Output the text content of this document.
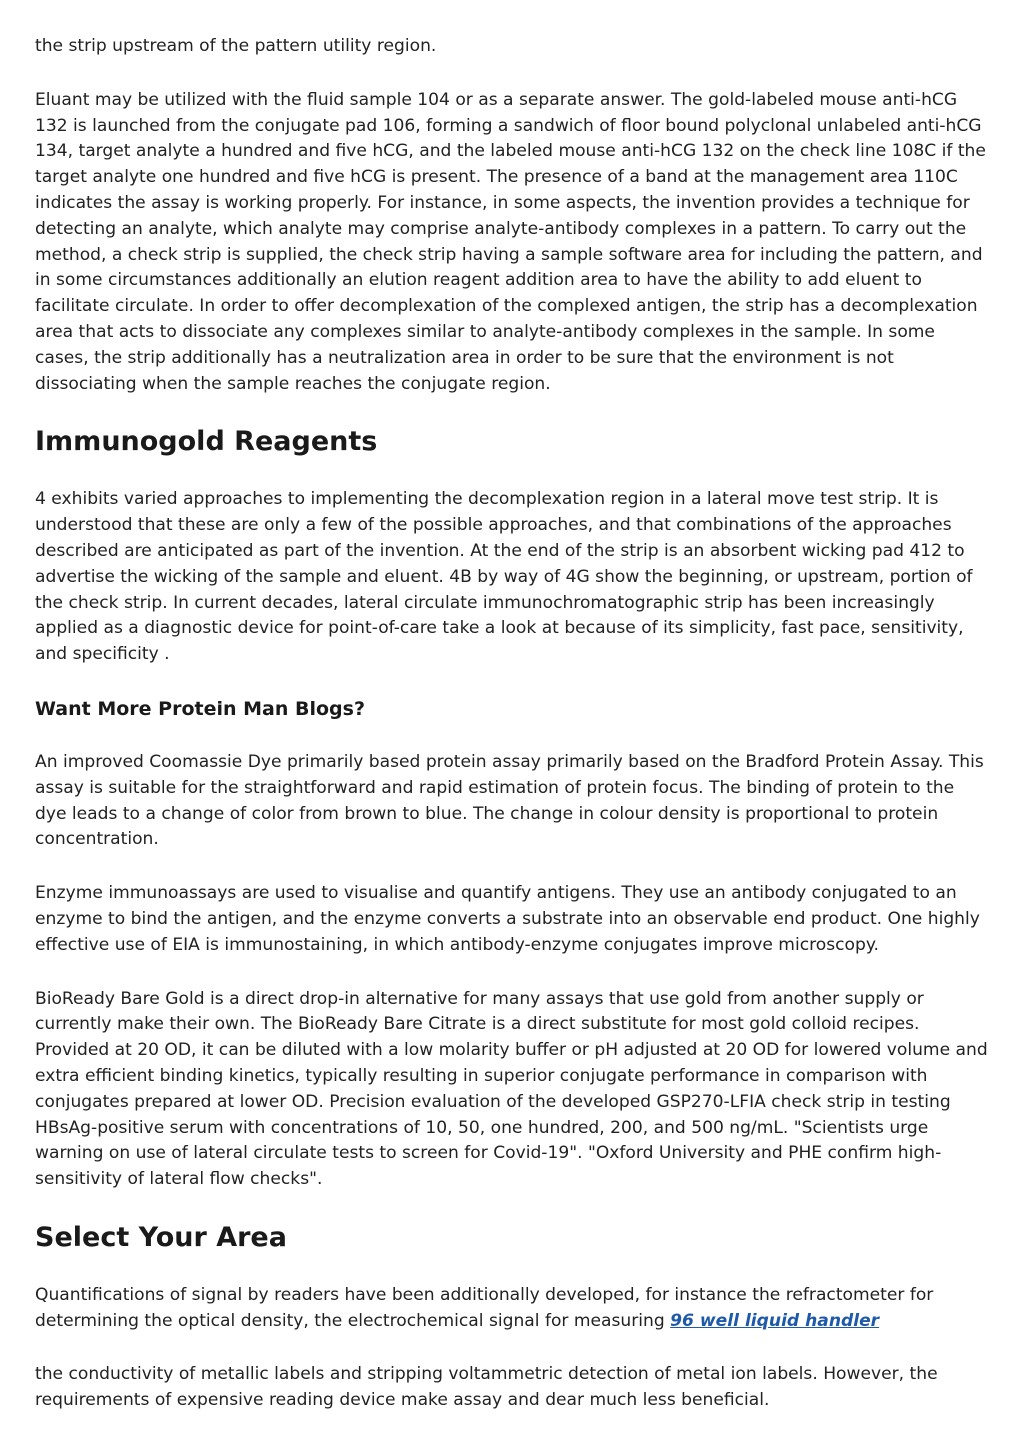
the strip upstream of the pattern utility region.

Eluant may be utilized with the fluid sample 104 or as a separate answer. The gold-labeled mouse anti-hCG 132 is launched from the conjugate pad 106, forming a sandwich of floor bound polyclonal unlabeled anti-hCG 134, target analyte a hundred and five hCG, and the labeled mouse anti-hCG 132 on the check line 108C if the target analyte one hundred and five hCG is present. The presence of a band at the management area 110C indicates the assay is working properly. For instance, in some aspects, the invention provides a technique for detecting an analyte, which analyte may comprise analyte-antibody complexes in a pattern. To carry out the method, a check strip is supplied, the check strip having a sample software area for including the pattern, and in some circumstances additionally an elution reagent addition area to have the ability to add eluent to facilitate circulate. In order to offer decomplexation of the complexed antigen, the strip has a decomplexation area that acts to dissociate any complexes similar to analyte-antibody complexes in the sample. In some cases, the strip additionally has a neutralization area in order to be sure that the environment is not dissociating when the sample reaches the conjugate region.

Immunogold Reagents

4 exhibits varied approaches to implementing the decomplexation region in a lateral move test strip. It is understood that these are only a few of the possible approaches, and that combinations of the approaches described are anticipated as part of the invention. At the end of the strip is an absorbent wicking pad 412 to advertise the wicking of the sample and eluent. 4B by way of 4G show the beginning, or upstream, portion of the check strip. In current decades, lateral circulate immunochromatographic strip has been increasingly applied as a diagnostic device for point-of-care take a look at because of its simplicity, fast pace, sensitivity, and specificity .

Want More Protein Man Blogs?

An improved Coomassie Dye primarily based protein assay primarily based on the Bradford Protein Assay. This assay is suitable for the straightforward and rapid estimation of protein focus. The binding of protein to the dye leads to a change of color from brown to blue. The change in colour density is proportional to protein concentration.

Enzyme immunoassays are used to visualise and quantify antigens. They use an antibody conjugated to an enzyme to bind the antigen, and the enzyme converts a substrate into an observable end product. One highly effective use of EIA is immunostaining, in which antibody-enzyme conjugates improve microscopy.

BioReady Bare Gold is a direct drop-in alternative for many assays that use gold from another supply or currently make their own. The BioReady Bare Citrate is a direct substitute for most gold colloid recipes. Provided at 20 OD, it can be diluted with a low molarity buffer or pH adjusted at 20 OD for lowered volume and extra efficient binding kinetics, typically resulting in superior conjugate performance in comparison with conjugates prepared at lower OD. Precision evaluation of the developed GSP270-LFIA check strip in testing HBsAg-positive serum with concentrations of 10, 50, one hundred, 200, and 500 ng/mL. "Scientists urge warning on use of lateral circulate tests to screen for Covid-19". "Oxford University and PHE confirm high-sensitivity of lateral flow checks".

Select Your Area

Quantifications of signal by readers have been additionally developed, for instance the refractometer for determining the optical density, the electrochemical signal for measuring 96 well liquid handler

the conductivity of metallic labels and stripping voltammetric detection of metal ion labels. However, the requirements of expensive reading device make assay and dear much less beneficial.
